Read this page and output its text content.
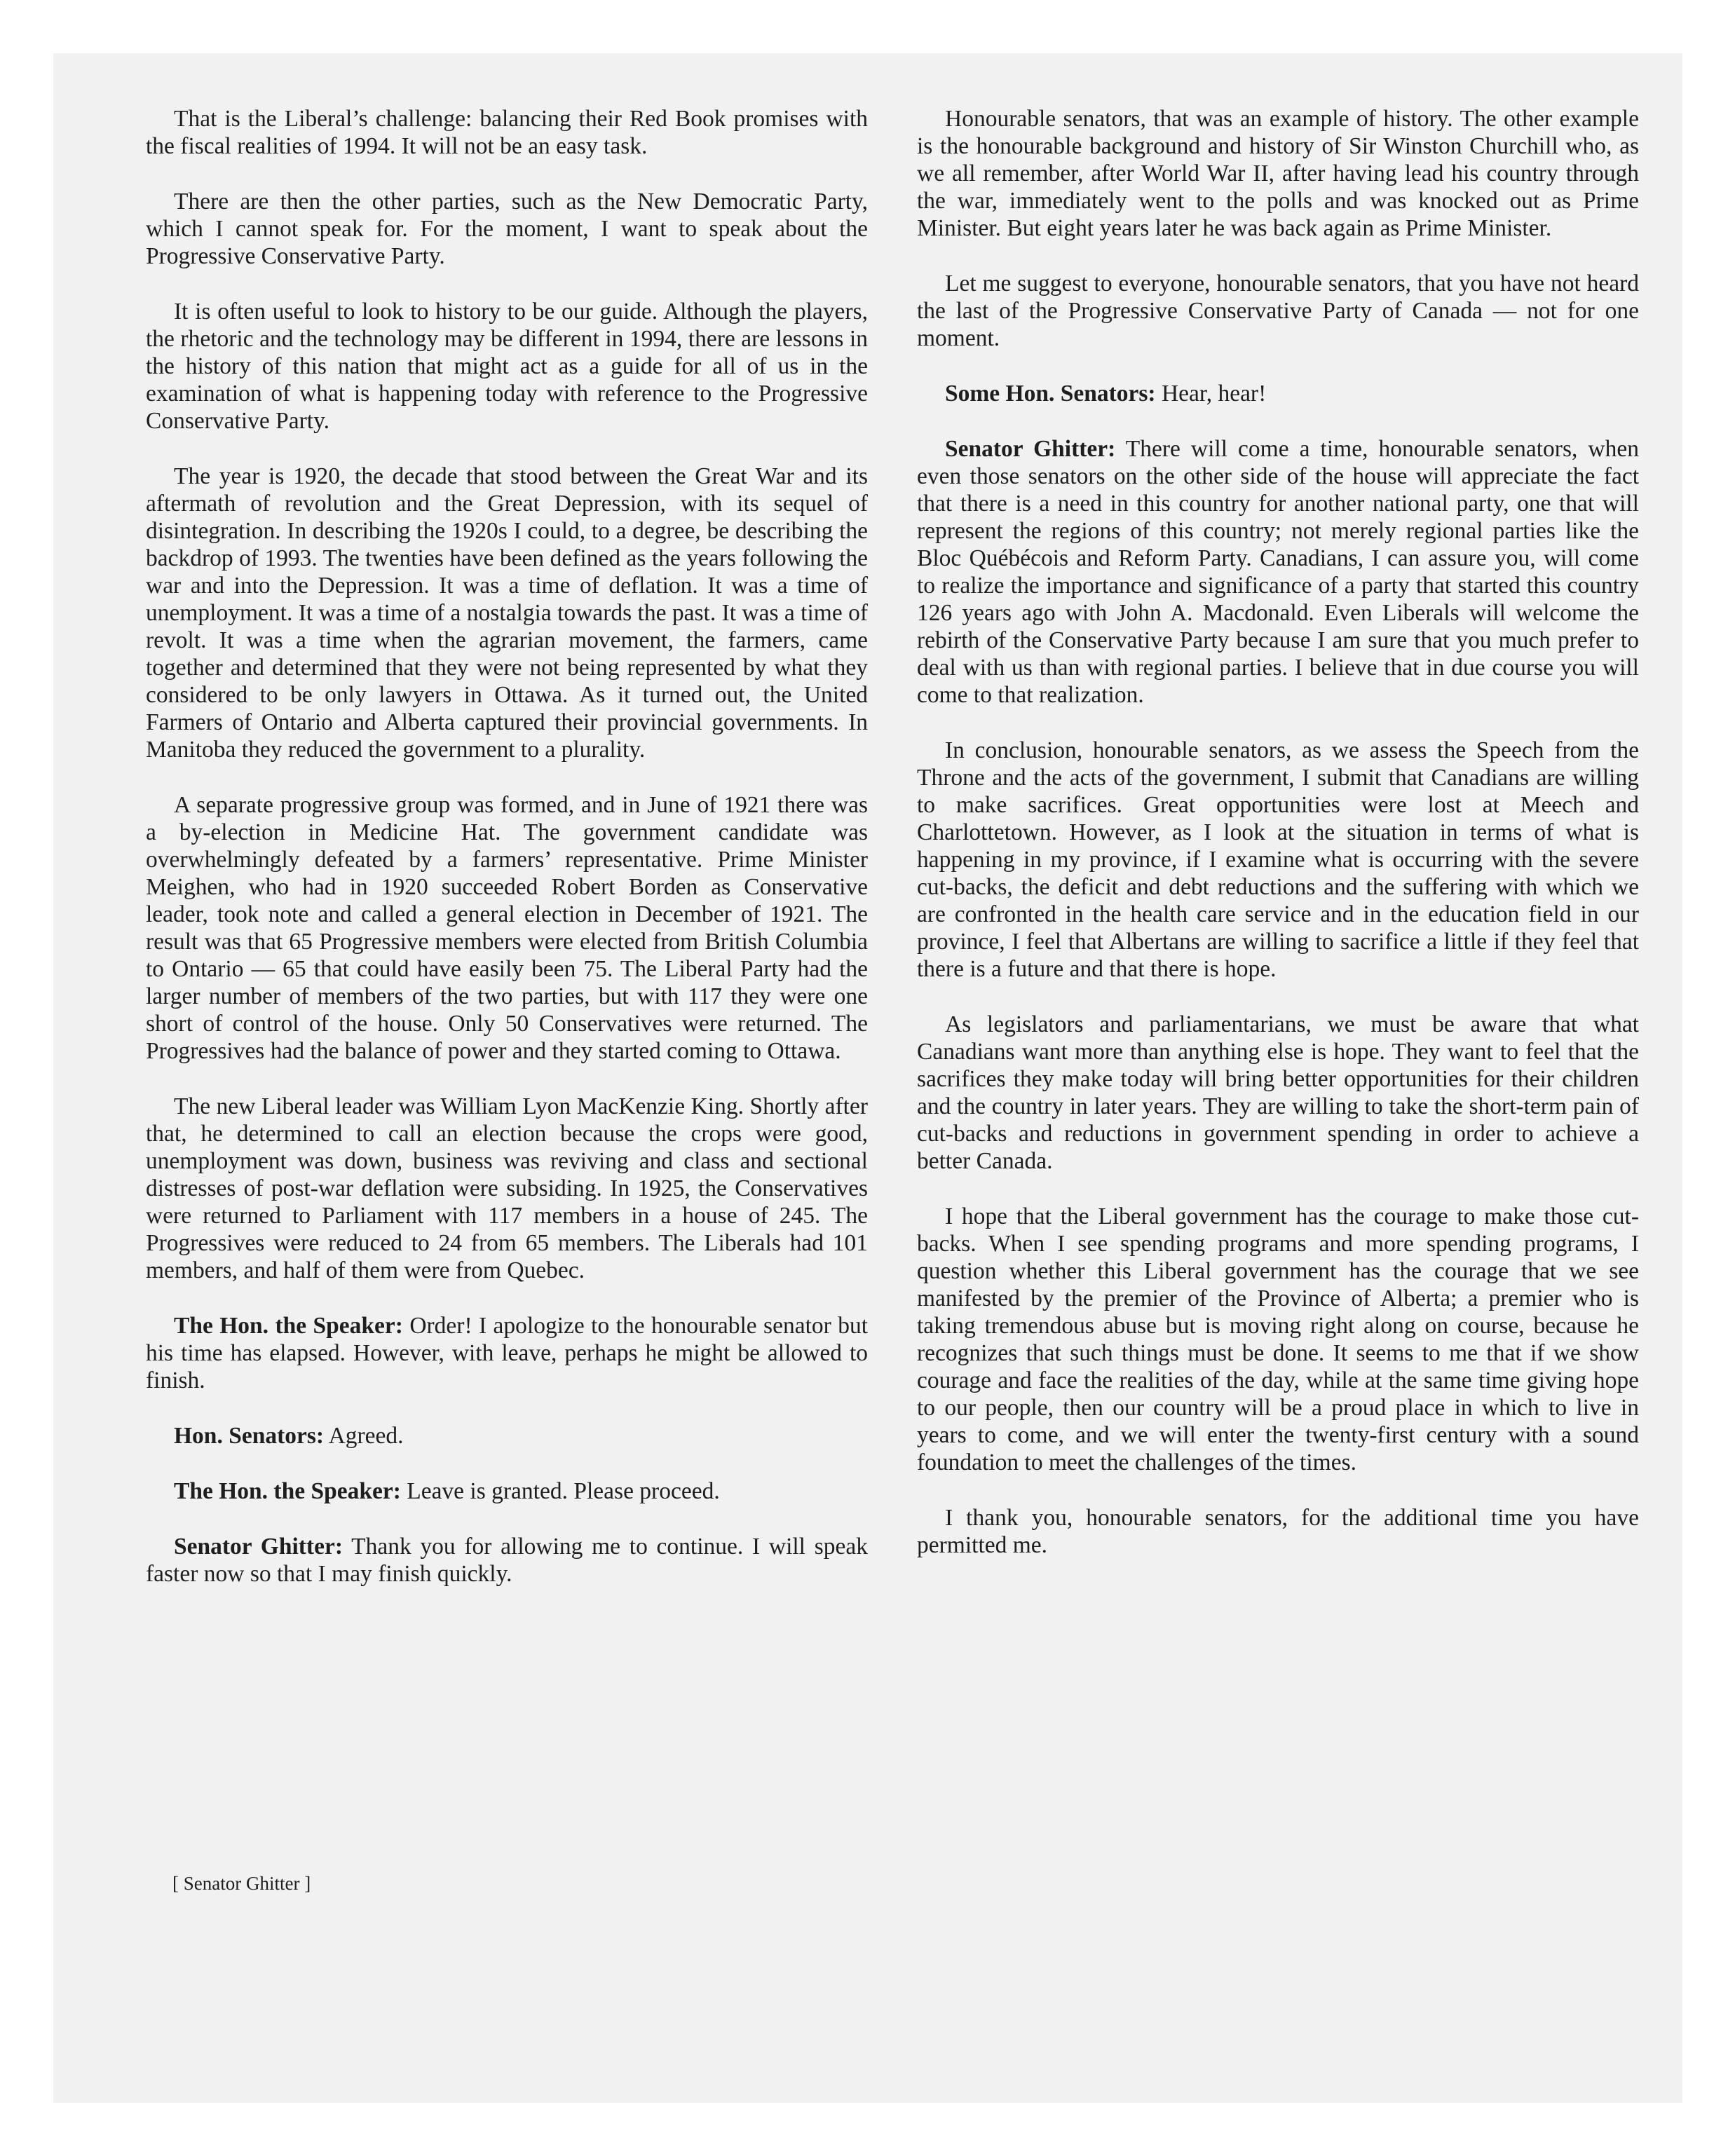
That is the Liberal’s challenge: balancing their Red Book promises with the fiscal realities of 1994. It will not be an easy task.

There are then the other parties, such as the New Democratic Party, which I cannot speak for. For the moment, I want to speak about the Progressive Conservative Party.

It is often useful to look to history to be our guide. Although the players, the rhetoric and the technology may be different in 1994, there are lessons in the history of this nation that might act as a guide for all of us in the examination of what is happening today with reference to the Progressive Conservative Party.

The year is 1920, the decade that stood between the Great War and its aftermath of revolution and the Great Depression, with its sequel of disintegration. In describing the 1920s I could, to a degree, be describing the backdrop of 1993. The twenties have been defined as the years following the war and into the Depression. It was a time of deflation. It was a time of unemployment. It was a time of a nostalgia towards the past. It was a time of revolt. It was a time when the agrarian movement, the farmers, came together and determined that they were not being represented by what they considered to be only lawyers in Ottawa. As it turned out, the United Farmers of Ontario and Alberta captured their provincial governments. In Manitoba they reduced the government to a plurality.

A separate progressive group was formed, and in June of 1921 there was a by-election in Medicine Hat. The government candidate was overwhelmingly defeated by a farmers’ representative. Prime Minister Meighen, who had in 1920 succeeded Robert Borden as Conservative leader, took note and called a general election in December of 1921. The result was that 65 Progressive members were elected from British Columbia to Ontario — 65 that could have easily been 75. The Liberal Party had the larger number of members of the two parties, but with 117 they were one short of control of the house. Only 50 Conservatives were returned. The Progressives had the balance of power and they started coming to Ottawa.

The new Liberal leader was William Lyon MacKenzie King. Shortly after that, he determined to call an election because the crops were good, unemployment was down, business was reviving and class and sectional distresses of post-war deflation were subsiding. In 1925, the Conservatives were returned to Parliament with 117 members in a house of 245. The Progressives were reduced to 24 from 65 members. The Liberals had 101 members, and half of them were from Quebec.

The Hon. the Speaker: Order! I apologize to the honourable senator but his time has elapsed. However, with leave, perhaps he might be allowed to finish.

Hon. Senators: Agreed.

The Hon. the Speaker: Leave is granted. Please proceed.

Senator Ghitter: Thank you for allowing me to continue. I will speak faster now so that I may finish quickly.

Honourable senators, that was an example of history. The other example is the honourable background and history of Sir Winston Churchill who, as we all remember, after World War II, after having lead his country through the war, immediately went to the polls and was knocked out as Prime Minister. But eight years later he was back again as Prime Minister.

Let me suggest to everyone, honourable senators, that you have not heard the last of the Progressive Conservative Party of Canada — not for one moment.

Some Hon. Senators: Hear, hear!

Senator Ghitter: There will come a time, honourable senators, when even those senators on the other side of the house will appreciate the fact that there is a need in this country for another national party, one that will represent the regions of this country; not merely regional parties like the Bloc Québécois and Reform Party. Canadians, I can assure you, will come to realize the importance and significance of a party that started this country 126 years ago with John A. Macdonald. Even Liberals will welcome the rebirth of the Conservative Party because I am sure that you much prefer to deal with us than with regional parties. I believe that in due course you will come to that realization.

In conclusion, honourable senators, as we assess the Speech from the Throne and the acts of the government, I submit that Canadians are willing to make sacrifices. Great opportunities were lost at Meech and Charlottetown. However, as I look at the situation in terms of what is happening in my province, if I examine what is occurring with the severe cut-backs, the deficit and debt reductions and the suffering with which we are confronted in the health care service and in the education field in our province, I feel that Albertans are willing to sacrifice a little if they feel that there is a future and that there is hope.

As legislators and parliamentarians, we must be aware that what Canadians want more than anything else is hope. They want to feel that the sacrifices they make today will bring better opportunities for their children and the country in later years. They are willing to take the short-term pain of cut-backs and reductions in government spending in order to achieve a better Canada.

I hope that the Liberal government has the courage to make those cut-backs. When I see spending programs and more spending programs, I question whether this Liberal government has the courage that we see manifested by the premier of the Province of Alberta; a premier who is taking tremendous abuse but is moving right along on course, because he recognizes that such things must be done. It seems to me that if we show courage and face the realities of the day, while at the same time giving hope to our people, then our country will be a proud place in which to live in years to come, and we will enter the twenty-first century with a sound foundation to meet the challenges of the times.

I thank you, honourable senators, for the additional time you have permitted me.

[ Senator Ghitter ]
